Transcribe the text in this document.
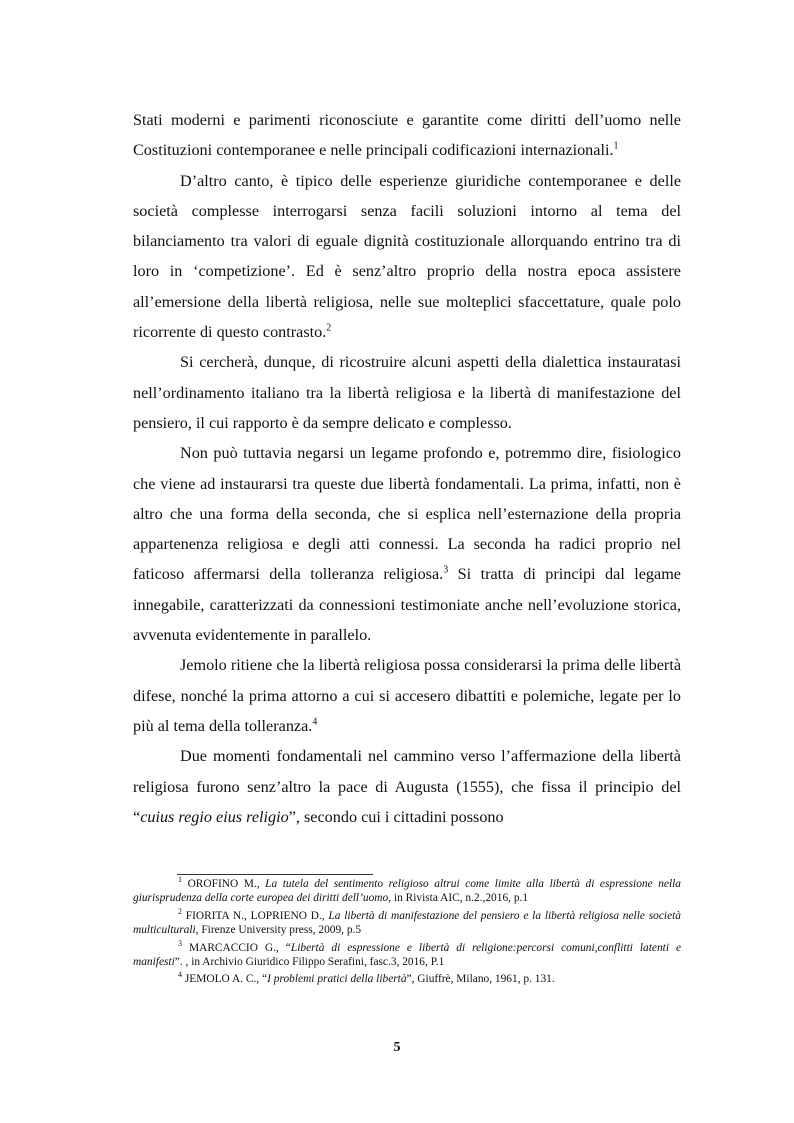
Stati moderni e parimenti riconosciute e garantite come diritti dell’uomo nelle Costituzioni contemporanee e nelle principali codificazioni internazionali.$^1$

D’altro canto, è tipico delle esperienze giuridiche contemporanee e delle società complesse interrogarsi senza facili soluzioni intorno al tema del bilanciamento tra valori di eguale dignità costituzionale allorquando entrino tra di loro in ‘competizione’. Ed è senz’altro proprio della nostra epoca assistere all’emersione della libertà religiosa, nelle sue molteplici sfaccettature, quale polo ricorrente di questo contrasto.$^2$

Si cercherà, dunque, di ricostruire alcuni aspetti della dialettica instauratasi nell’ordinamento italiano tra la libertà religiosa e la libertà di manifestazione del pensiero, il cui rapporto è da sempre delicato e complesso.

Non può tuttavia negarsi un legame profondo e, potremmo dire, fisiologico che viene ad instaurarsi tra queste due libertà fondamentali. La prima, infatti, non è altro che una forma della seconda, che si esplica nell’esternazione della propria appartenenza religiosa e degli atti connessi. La seconda ha radici proprio nel faticoso affermarsi della tolleranza religiosa.$^3$ Si tratta di principi dal legame innegabile, caratterizzati da connessioni testimoniate anche nell’evoluzione storica, avvenuta evidentemente in parallelo.

Jemolo ritiene che la libertà religiosa possa considerarsi la prima delle libertà difese, nonché la prima attorno a cui si accesero dibattiti e polemiche, legate per lo più al tema della tolleranza.$^4$

Due momenti fondamentali nel cammino verso l’affermazione della libertà religiosa furono senz’altro la pace di Augusta (1555), che fissa il principio del “cuius regio eius religio”, secondo cui i cittadini possono

$^1$ OROFINO M., La tutela del sentimento religioso altrui come limite alla libertà di espressione nella giurisprudenza della corte europea dei diritti dell’uomo, in Rivista AIC, n.2.,2016, p.1

$^2$ FIORITA N., LOPRIENO D., La libertà di manifestazione del pensiero e la libertà religiosa nelle società multiculturali, Firenze University press, 2009, p.5

$^3$ MARCACCIO G., “Libertà di espressione e libertà di religione:percorsi comuni,conflitti latenti e manifesti”. , in Archivio Giuridico Filippo Serafini, fasc.3, 2016, P.1

$^4$ JEMOLO A. C., “I problemi pratici della libertà”, Giuffrè, Milano, 1961, p. 131.

5
